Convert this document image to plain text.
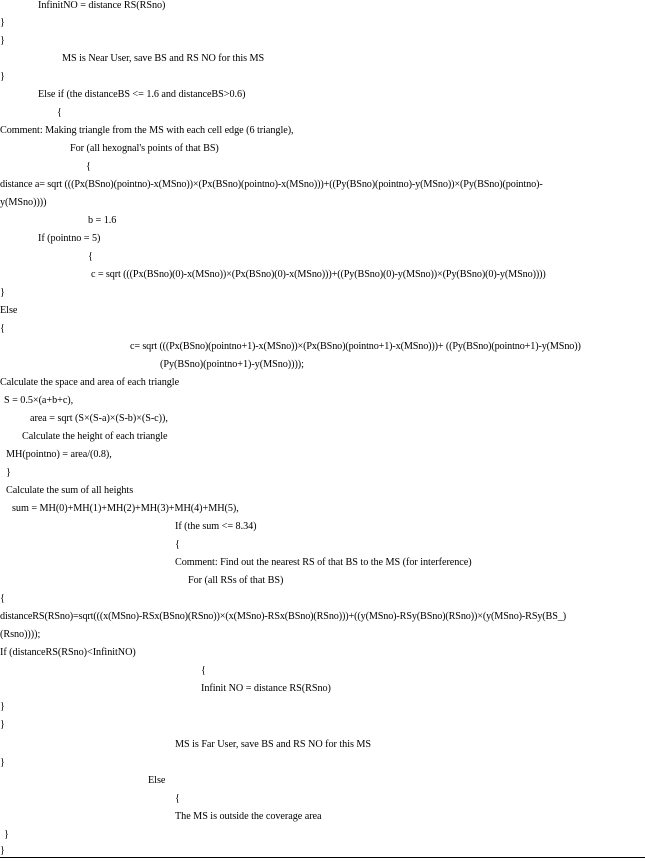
InfinitNO = distance RS(RSno)
}
}
MS is Near User, save BS and RS NO for this MS
}
Else if (the distanceBS <= 1.6 and distanceBS>0.6)
{
Comment: Making triangle from the MS with each cell edge (6 triangle),
For (all hexognal's points of that BS)
{
distance a= sqrt (((Px(BSno)(pointno)-x(MSno))×(Px(BSno)(pointno)-x(MSno)))+((Py(BSno)(pointno)-y(MSno))×(Py(BSno)(pointno)-
y(MSno))))
b = 1.6
If (pointno = 5)
{
c = sqrt (((Px(BSno)(0)-x(MSno))×(Px(BSno)(0)-x(MSno)))+((Py(BSno)(0)-y(MSno))×(Py(BSno)(0)-y(MSno))))
}
Else
{
c= sqrt (((Px(BSno)(pointno+1)-x(MSno))×(Px(BSno)(pointno+1)-x(MSno)))+ ((Py(BSno)(pointno+1)-y(MSno))
(Py(BSno)(pointno+1)-y(MSno))));
Calculate the space and area of each triangle
S = 0.5×(a+b+c),
area = sqrt (S×(S-a)×(S-b)×(S-c)),
Calculate the height of each triangle
MH(pointno) = area/(0.8),
}
Calculate the sum of all heights
sum = MH(0)+MH(1)+MH(2)+MH(3)+MH(4)+MH(5),
If (the sum <= 8.34)
{
Comment: Find out the nearest RS of that BS to the MS (for interference)
For (all RSs of that BS)
{
distanceRS(RSno)=sqrt(((x(MSno)-RSx(BSno)(RSno))×(x(MSno)-RSx(BSno)(RSno)))+((y(MSno)-RSy(BSno)(RSno))×(y(MSno)-RSy(BS_)
(Rsno))));
If (distanceRS(RSno)<InfinitNO)
{
Infinit NO = distance RS(RSno)
}
}
MS is Far User, save BS and RS NO for this MS
}
Else
{
The MS is outside the coverage area
}
}
